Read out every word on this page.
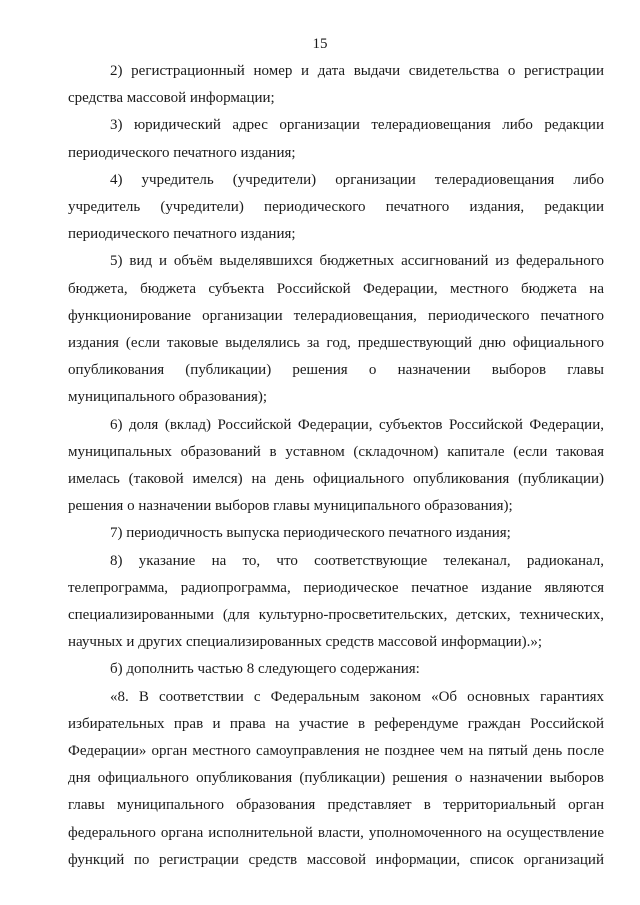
15
2) регистрационный номер и дата выдачи свидетельства о регистрации
средства массовой информации;
3) юридический адрес организации телерадиовещания либо редакции
периодического печатного издания;
4) учредитель (учредители) организации телерадиовещания либо
учредитель (учредители) периодического печатного издания, редакции
периодического печатного издания;
5) вид и объём выделявшихся бюджетных ассигнований из федерального
бюджета, бюджета субъекта Российской Федерации, местного бюджета на
функционирование организации телерадиовещания, периодического печатного
издания (если таковые выделялись за год, предшествующий дню официального
опубликования (публикации) решения о назначении выборов главы
муниципального образования);
6) доля (вклад) Российской Федерации, субъектов Российской Федерации,
муниципальных образований в уставном (складочном) капитале (если таковая
имелась (таковой имелся) на день официального опубликования (публикации)
решения о назначении выборов главы муниципального образования);
7) периодичность выпуска периодического печатного издания;
8) указание на то, что соответствующие телеканал, радиоканал,
телепрограмма, радиопрограмма, периодическое печатное издание являются
специализированными (для культурно-просветительских, детских, технических,
научных и других специализированных средств массовой информации).»;
б) дополнить частью 8 следующего содержания:
«8. В соответствии с Федеральным законом «Об основных гарантиях
избирательных прав и права на участие в референдуме граждан Российской
Федерации» орган местного самоуправления не позднее чем на пятый день после
дня официального опубликования (публикации) решения о назначении выборов
главы муниципального образования представляет в территориальный орган
федерального органа исполнительной власти, уполномоченного на осуществление
функций по регистрации средств массовой информации, список организаций
